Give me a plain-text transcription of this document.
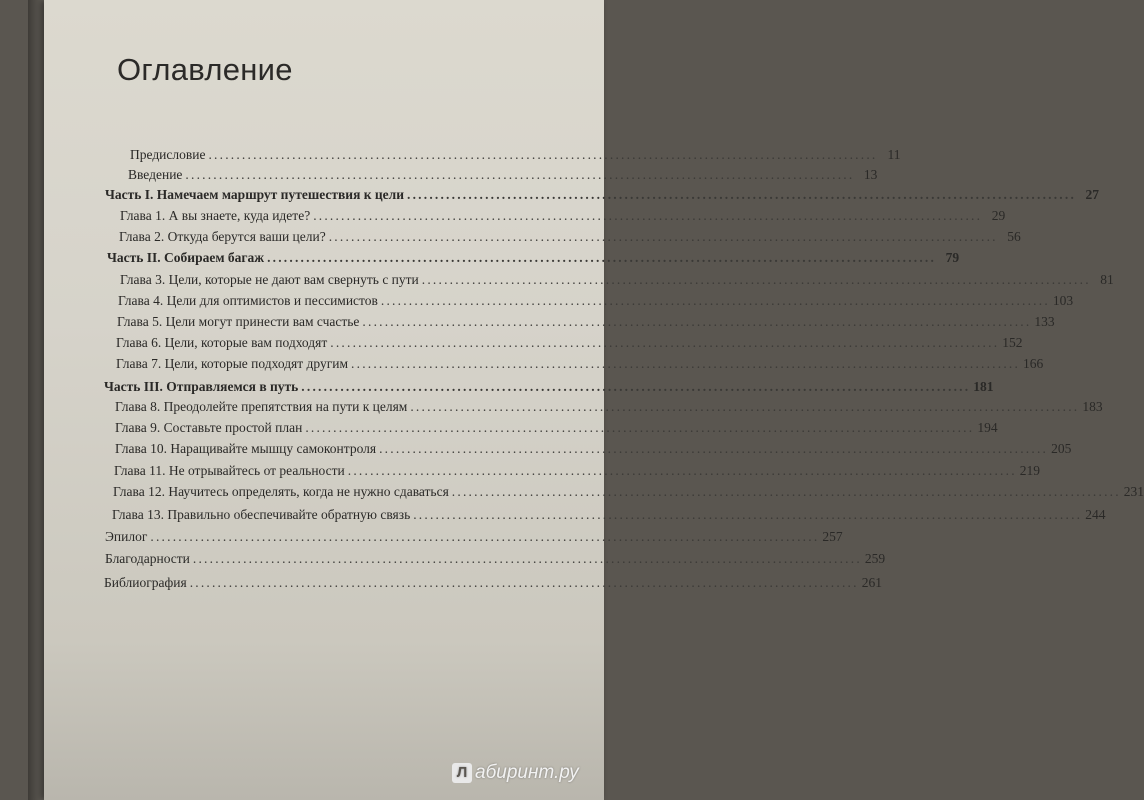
Оглавление
Предисловие ........................................................................................................................ 11
Введение ........................................................................................................................ 13
Часть I. Намечаем маршрут путешествия к цели ........................................................................................................................ 27
Глава 1. А вы знаете, куда идете? ........................................................................................................................ 29
Глава 2. Откуда берутся ваши цели? ........................................................................................................................ 56
Часть II. Собираем багаж ........................................................................................................................ 79
Глава 3. Цели, которые не дают вам свернуть с пути ........................................................................................................................ 81
Глава 4. Цели для оптимистов и пессимистов ........................................................................................................................ 103
Глава 5. Цели могут принести вам счастье ........................................................................................................................ 133
Глава 6. Цели, которые вам подходят ........................................................................................................................ 152
Глава 7. Цели, которые подходят другим ........................................................................................................................ 166
Часть III. Отправляемся в путь ........................................................................................................................ 181
Глава 8. Преодолейте препятствия на пути к целям ........................................................................................................................ 183
Глава 9. Составьте простой план ........................................................................................................................ 194
Глава 10. Наращивайте мышцу самоконтроля ........................................................................................................................ 205
Глава 11. Не отрывайтесь от реальности ........................................................................................................................ 219
Глава 12. Научитесь определять, когда не нужно сдаваться ........................................................................................................................ 231
Глава 13. Правильно обеспечивайте обратную связь ........................................................................................................................ 244
Эпилог ........................................................................................................................ 257
Благодарности ........................................................................................................................ 259
Библиография ........................................................................................................................ 261
Л абиринт.ру
